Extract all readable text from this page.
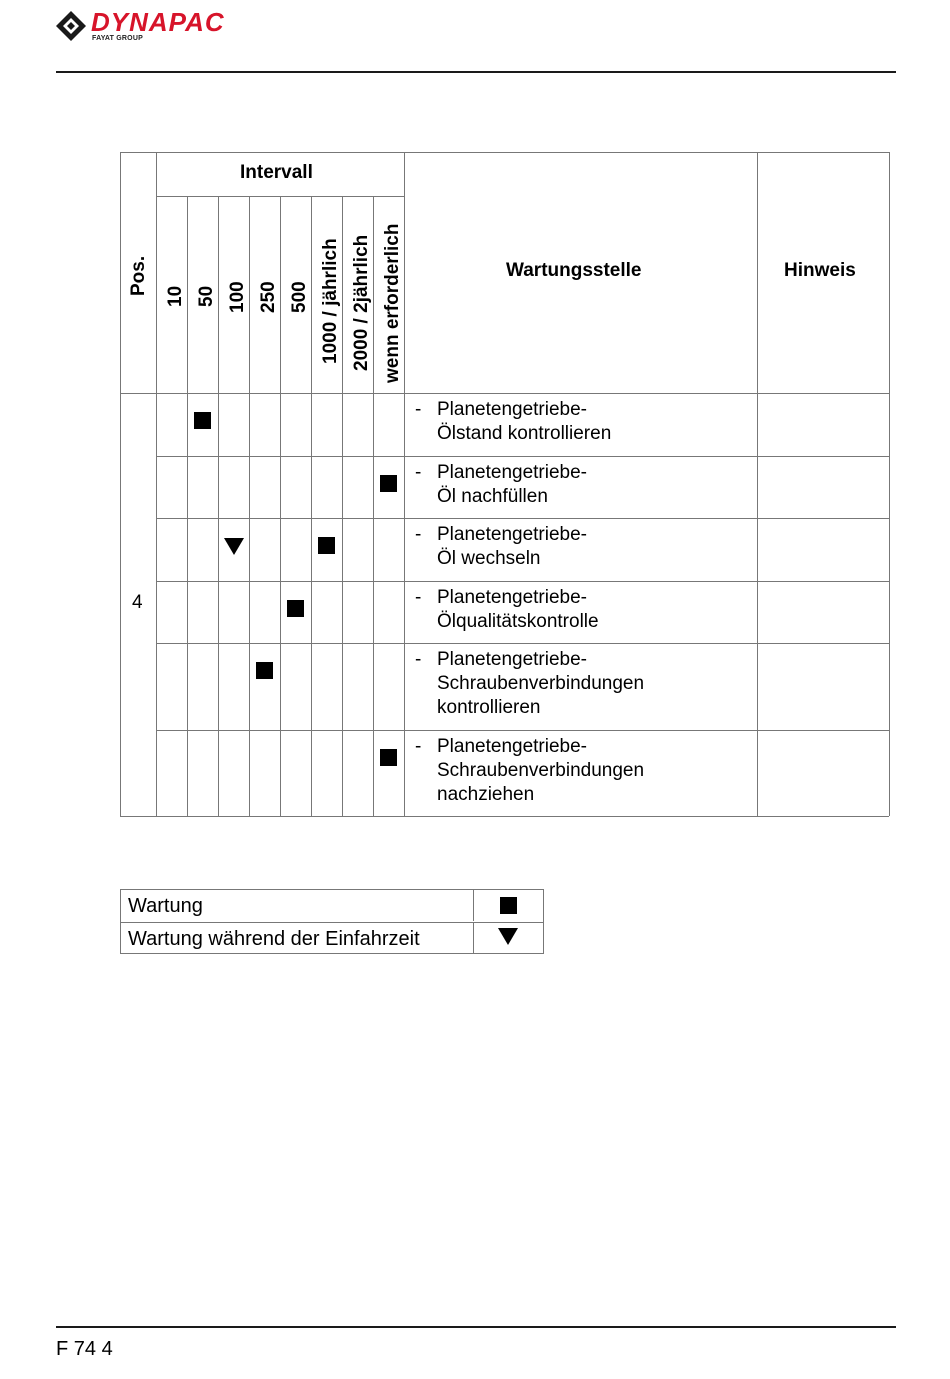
DYNAPAC
FAYAT GROUP
Pos.
Intervall
10 50 100 250 500 1000 / jährlich 2000 / 2jährlich wenn erforderlich	Wartungsstelle	Hinweis
4
- Planetengetriebe-
Ölstand kontrollieren
- Planetengetriebe-
Öl nachfüllen
- Planetengetriebe-
Öl wechseln
- Planetengetriebe-
Ölqualitätskontrolle
- Planetengetriebe-
Schraubenverbindungen
kontrollieren
- Planetengetriebe-
Schraubenverbindungen
nachziehen
Wartung
Wartung während der Einfahrzeit
F 74 4
